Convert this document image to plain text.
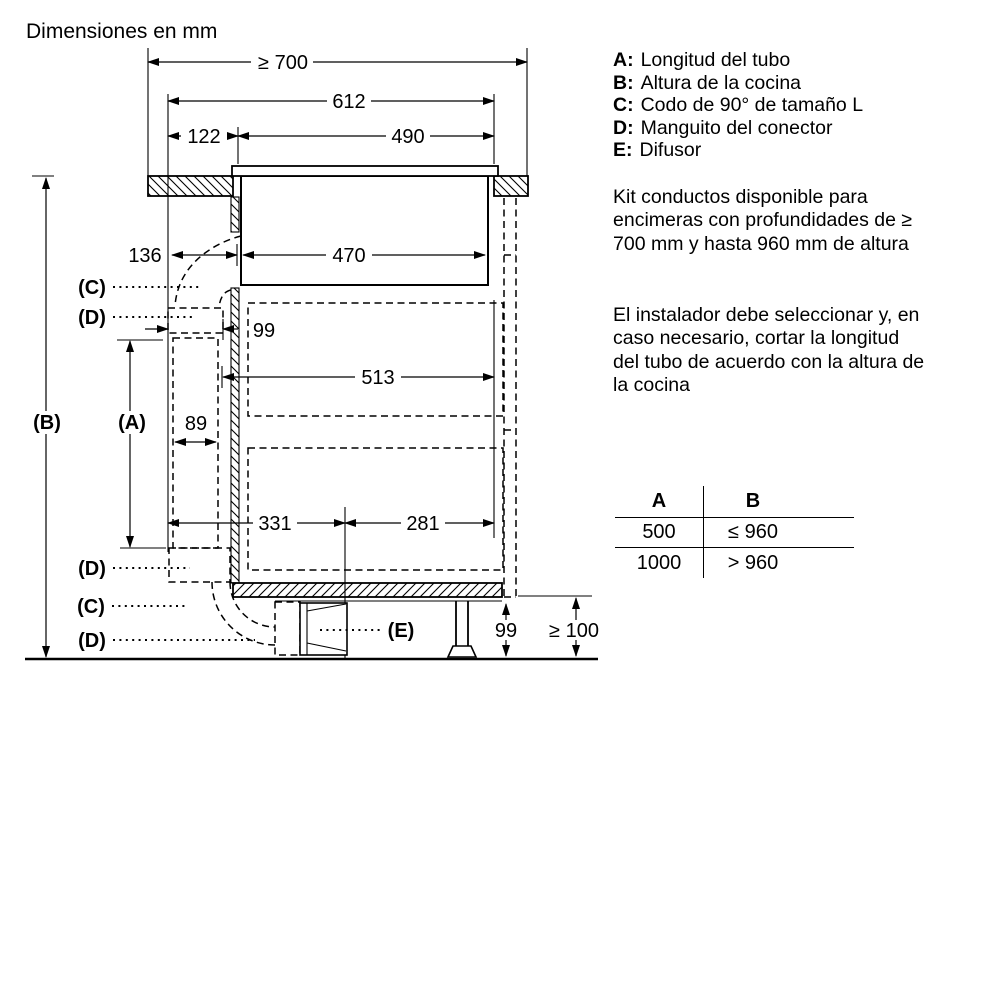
Dimensiones en mm
≥ 700
612
122	490
470
136
99
513
89
331	281
99 ≥ 100
(A)
(B)
(C)
(D)
(D)
(C)
(D)	(E)
A: Longitud del tubo
B: Altura de la cocina
C: Codo de 90° de tamaño L
D: Manguito del conector
E: Difusor
Kit conductos disponible para
encimeras con profundidades de ≥
700 mm y hasta 960 mm de altura
El instalador debe seleccionar y, en
caso necesario, cortar la longitud
del tubo de acuerdo con la altura de
la cocina
A	B
500	≤ 960
1000	> 960
